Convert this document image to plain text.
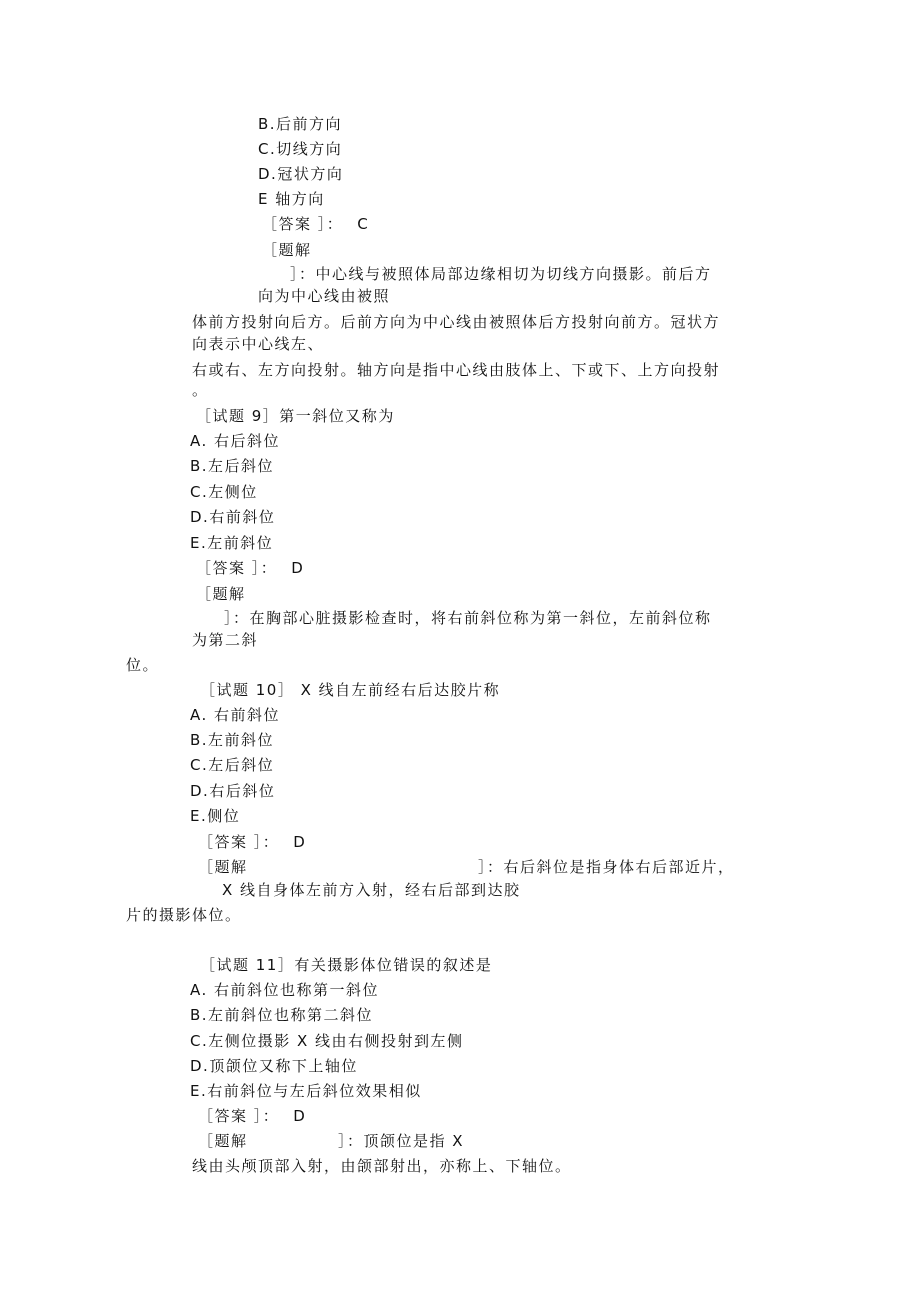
B.后前方向
C.切线方向
D.冠状方向
E 轴方向
［答案 ］： C
［题解
］：中心线与被照体局部边缘相切为切线方向摄影。前后方
向为中心线由被照
体前方投射向后方。后前方向为中心线由被照体后方投射向前方。冠状方
向表示中心线左、
右或右、左方向投射。轴方向是指中心线由肢体上、下或下、上方向投射
。
［试题 9］第一斜位又称为
A. 右后斜位
B.左后斜位
C.左侧位
D.右前斜位
E.左前斜位
［答案 ］： D
［题解
］：在胸部心脏摄影检查时，将右前斜位称为第一斜位，左前斜位称
为第二斜
位。
［试题 10］ X 线自左前经右后达胶片称
A. 右前斜位
B.左前斜位
C.左后斜位
D.右后斜位
E.侧位
［答案 ］： D
［题解	］：右后斜位是指身体右后部近片，
X 线自身体左前方入射，经右后部到达胶
片的摄影体位。
［试题 11］有关摄影体位错误的叙述是
A. 右前斜位也称第一斜位
B.左前斜位也称第二斜位
C.左侧位摄影 X 线由右侧投射到左侧
D.顶颌位又称下上轴位
E.右前斜位与左后斜位效果相似
［答案 ］： D
［题解	］：顶颌位是指 X
线由头颅顶部入射，由颌部射出，亦称上、下轴位。
